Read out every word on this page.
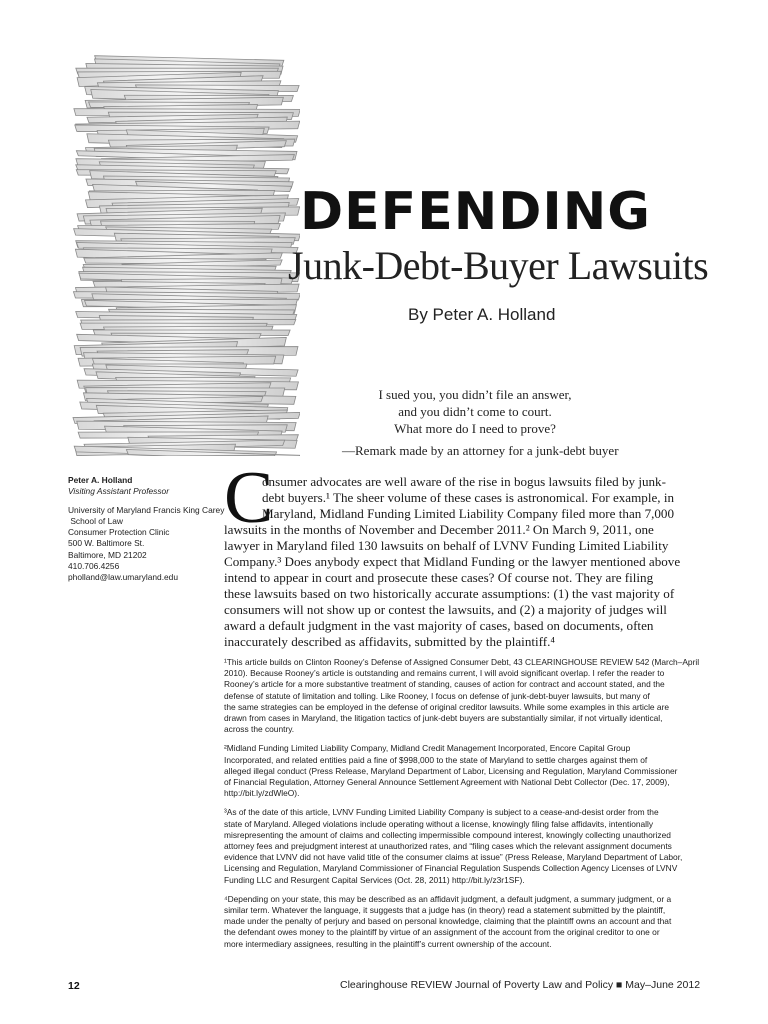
DEFENDING
Junk-Debt-Buyer Lawsuits
By Peter A. Holland
I sued you, you didn’t file an answer,
and you didn’t come to court.
What more do I need to prove?
—Remark made by an attorney for a junk-debt buyer
Peter A. Holland
Visiting Assistant Professor
University of Maryland Francis King Carey
School of Law
Consumer Protection Clinic
500 W. Baltimore St.
Baltimore, MD 21202
410.706.4256
pholland@law.umaryland.edu
C
onsumer advocates are well aware of the rise in bogus lawsuits filed by junk-
debt buyers.¹ The sheer volume of these cases is astronomical. For example, in
Maryland, Midland Funding Limited Liability Company filed more than 7,000
lawsuits in the months of November and December 2011.² On March 9, 2011, one
lawyer in Maryland filed 130 lawsuits on behalf of LVNV Funding Limited Liability
Company.³ Does anybody expect that Midland Funding or the lawyer mentioned above
intend to appear in court and prosecute these cases? Of course not. They are filing
these lawsuits based on two historically accurate assumptions: (1) the vast majority of
consumers will not show up or contest the lawsuits, and (2) a majority of judges will
award a default judgment in the vast majority of cases, based on documents, often
inaccurately described as affidavits, submitted by the plaintiff.⁴
¹This article builds on Clinton Rooney’s Defense of Assigned Consumer Debt, 43 CLEARINGHOUSE REVIEW 542 (March–April
2010). Because Rooney’s article is outstanding and remains current, I will avoid significant overlap. I refer the reader to
Rooney’s article for a more substantive treatment of standing, causes of action for contract and account stated, and the
defense of statute of limitation and tolling. Like Rooney, I focus on defense of junk-debt-buyer lawsuits, but many of
the same strategies can be employed in the defense of original creditor lawsuits. While some examples in this article are
drawn from cases in Maryland, the litigation tactics of junk-debt buyers are substantially similar, if not virtually identical,
across the country.
²Midland Funding Limited Liability Company, Midland Credit Management Incorporated, Encore Capital Group
Incorporated, and related entities paid a fine of $998,000 to the state of Maryland to settle charges against them of
alleged illegal conduct (Press Release, Maryland Department of Labor, Licensing and Regulation, Maryland Commissioner
of Financial Regulation, Attorney General Announce Settlement Agreement with National Debt Collector (Dec. 17, 2009),
http://bit.ly/zdWleO).
³As of the date of this article, LVNV Funding Limited Liability Company is subject to a cease-and-desist order from the
state of Maryland. Alleged violations include operating without a license, knowingly filing false affidavits, intentionally
misrepresenting the amount of claims and collecting impermissible compound interest, knowingly collecting unauthorized
attorney fees and prejudgment interest at unauthorized rates, and “filing cases which the relevant assignment documents
evidence that LVNV did not have valid title of the consumer claims at issue” (Press Release, Maryland Department of Labor,
Licensing and Regulation, Maryland Commissioner of Financial Regulation Suspends Collection Agency Licenses of LVNV
Funding LLC and Resurgent Capital Services (Oct. 28, 2011) http://bit.ly/z3r1SF).
⁴Depending on your state, this may be described as an affidavit judgment, a default judgment, a summary judgment, or a
similar term. Whatever the language, it suggests that a judge has (in theory) read a statement submitted by the plaintiff,
made under the penalty of perjury and based on personal knowledge, claiming that the plaintiff owns an account and that
the defendant owes money to the plaintiff by virtue of an assignment of the account from the original creditor to one or
more intermediary assignees, resulting in the plaintiff’s current ownership of the account.
12	Clearinghouse REVIEW Journal of Poverty Law and Policy ■ May–June 2012
